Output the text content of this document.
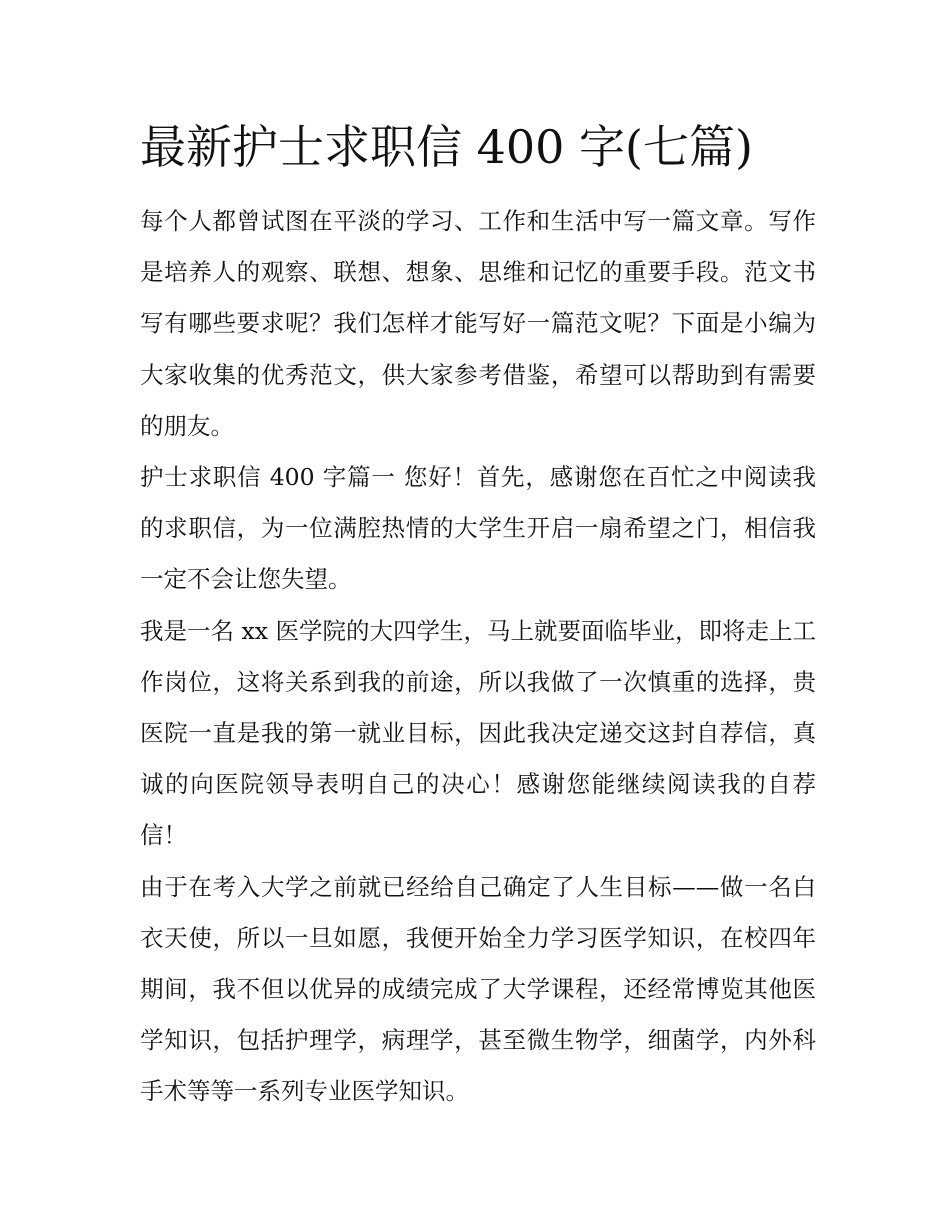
最新护士求职信 400 字(七篇)

每个人都曾试图在平淡的学习、工作和生活中写一篇文章。写作是培养人的观察、联想、想象、思维和记忆的重要手段。范文书写有哪些要求呢？我们怎样才能写好一篇范文呢？下面是小编为大家收集的优秀范文，供大家参考借鉴，希望可以帮助到有需要的朋友。

护士求职信 400 字篇一 您好！首先，感谢您在百忙之中阅读我的求职信，为一位满腔热情的大学生开启一扇希望之门，相信我一定不会让您失望。

我是一名 xx 医学院的大四学生，马上就要面临毕业，即将走上工作岗位，这将关系到我的前途，所以我做了一次慎重的选择，贵医院一直是我的第一就业目标，因此我决定递交这封自荐信，真诚的向医院领导表明自己的决心！感谢您能继续阅读我的自荐信！

由于在考入大学之前就已经给自己确定了人生目标——做一名白衣天使，所以一旦如愿，我便开始全力学习医学知识，在校四年期间，我不但以优异的成绩完成了大学课程，还经常博览其他医学知识，包括护理学，病理学，甚至微生物学，细菌学，内外科手术等等一系列专业医学知识。
